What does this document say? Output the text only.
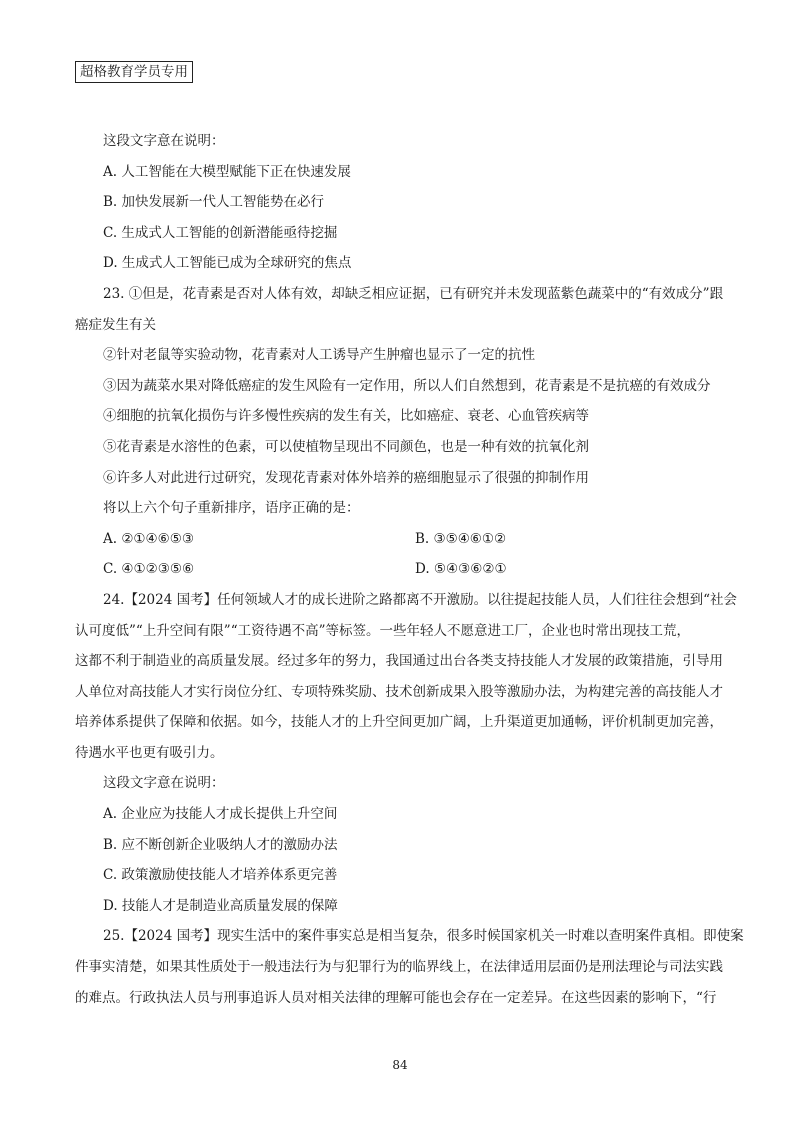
超格教育学员专用
这段文字意在说明：
A. 人工智能在大模型赋能下正在快速发展
B. 加快发展新一代人工智能势在必行
C. 生成式人工智能的创新潜能亟待挖掘
D. 生成式人工智能已成为全球研究的焦点
23. ①但是，花青素是否对人体有效，却缺乏相应证据，已有研究并未发现蓝紫色蔬菜中的“有效成分”跟
癌症发生有关
②针对老鼠等实验动物，花青素对人工诱导产生肿瘤也显示了一定的抗性
③因为蔬菜水果对降低癌症的发生风险有一定作用，所以人们自然想到，花青素是不是抗癌的有效成分
④细胞的抗氧化损伤与许多慢性疾病的发生有关，比如癌症、衰老、心血管疾病等
⑤花青素是水溶性的色素，可以使植物呈现出不同颜色，也是一种有效的抗氧化剂
⑥许多人对此进行过研究，发现花青素对体外培养的癌细胞显示了很强的抑制作用
将以上六个句子重新排序，语序正确的是：
A. ②①④⑥⑤③	B. ③⑤④⑥①②
C. ④①②③⑤⑥	D. ⑤④③⑥②①
24.【2024 国考】任何领域人才的成长进阶之路都离不开激励。以往提起技能人员，人们往往会想到“社会
认可度低”“上升空间有限”“工资待遇不高”等标签。一些年轻人不愿意进工厂，企业也时常出现技工荒，
这都不利于制造业的高质量发展。经过多年的努力，我国通过出台各类支持技能人才发展的政策措施，引导用
人单位对高技能人才实行岗位分红、专项特殊奖励、技术创新成果入股等激励办法，为构建完善的高技能人才
培养体系提供了保障和依据。如今，技能人才的上升空间更加广阔，上升渠道更加通畅，评价机制更加完善，
待遇水平也更有吸引力。
这段文字意在说明：
A. 企业应为技能人才成长提供上升空间
B. 应不断创新企业吸纳人才的激励办法
C. 政策激励使技能人才培养体系更完善
D. 技能人才是制造业高质量发展的保障
25.【2024 国考】现实生活中的案件事实总是相当复杂，很多时候国家机关一时难以查明案件真相。即使案
件事实清楚，如果其性质处于一般违法行为与犯罪行为的临界线上，在法律适用层面仍是刑法理论与司法实践
的难点。行政执法人员与刑事追诉人员对相关法律的理解可能也会存在一定差异。在这些因素的影响下，“行
84
